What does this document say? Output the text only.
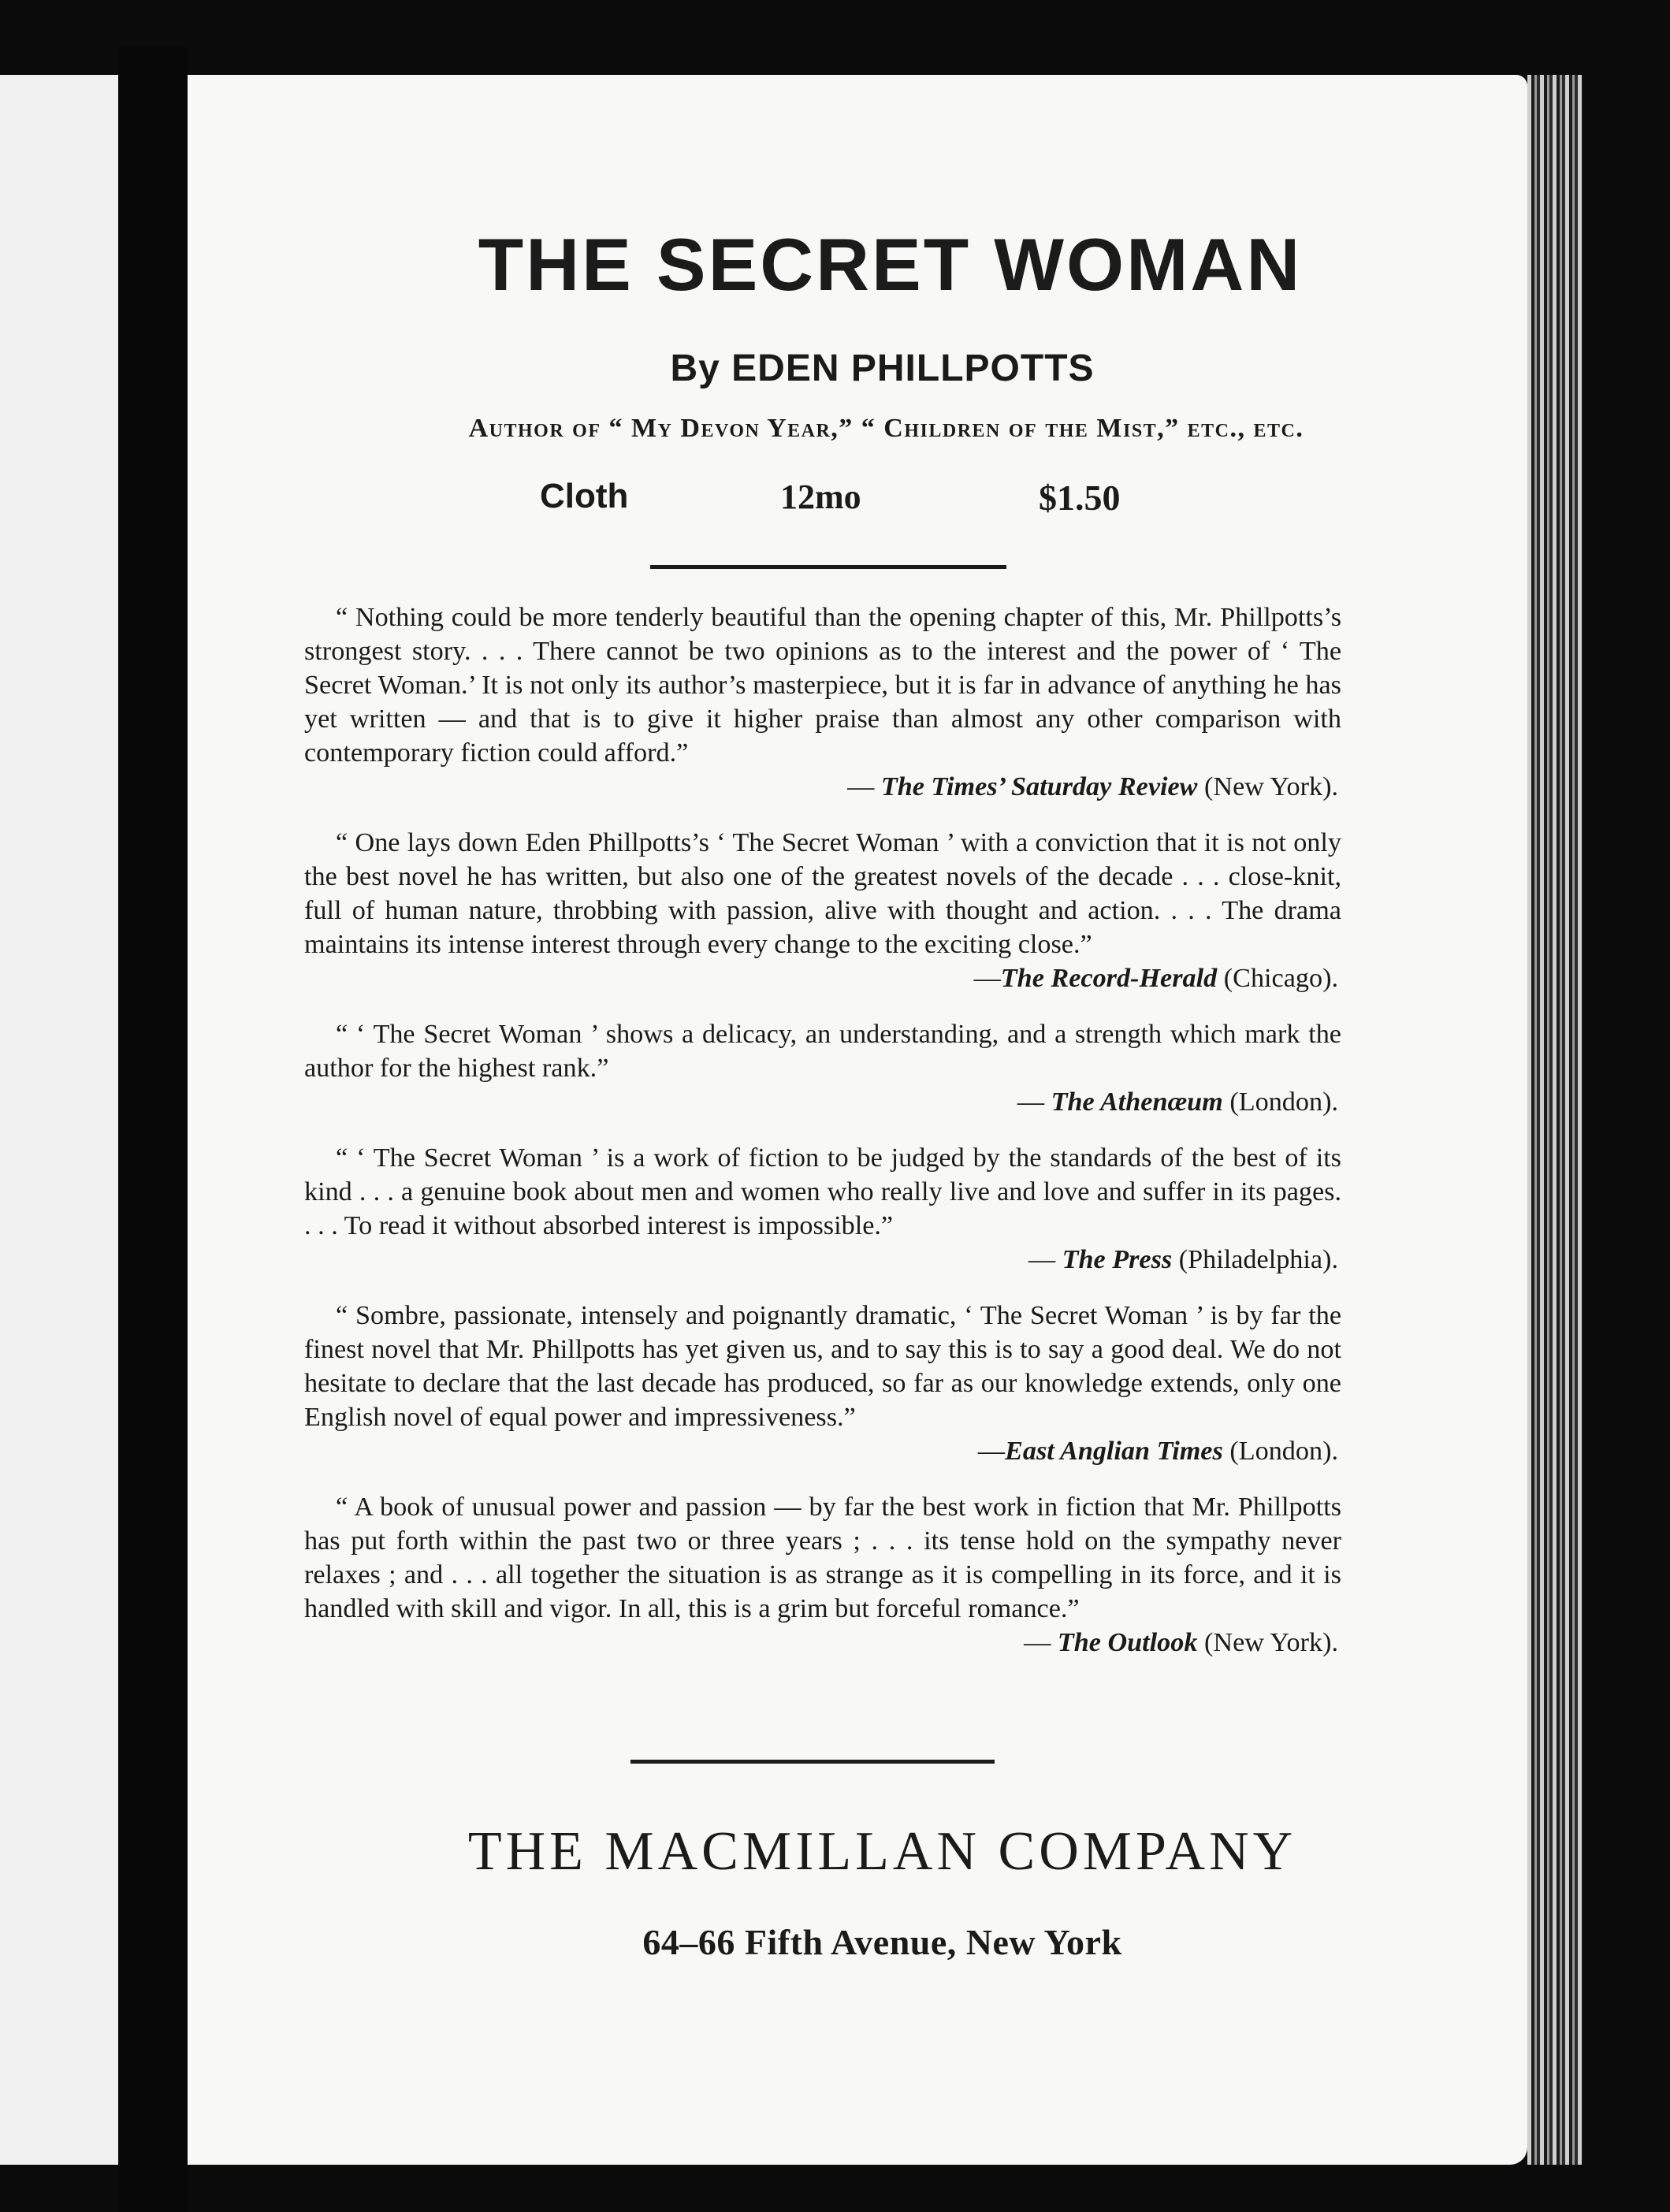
THE SECRET WOMAN
By EDEN PHILLPOTTS
Author of “ My Devon Year,” “ Children of the Mist,” etc., etc.
Cloth	12mo	$1.50

“ Nothing could be more tenderly beautiful than the opening chapter of this, Mr. Phillpotts’s strongest story. . . . There cannot be two opinions as to the interest and the power of ‘ The Secret Woman.’ It is not only its author’s masterpiece, but it is far in advance of anything he has yet written — and that is to give it higher praise than almost any other comparison with contemporary fiction could afford.”

— The Times’ Saturday Review (New York).

“ One lays down Eden Phillpotts’s ‘ The Secret Woman ’ with a conviction that it is not only the best novel he has written, but also one of the greatest novels of the decade . . . close-knit, full of human nature, throbbing with passion, alive with thought and action. . . . The drama maintains its intense interest through every change to the exciting close.”

—The Record-Herald (Chicago).

“ ‘ The Secret Woman ’ shows a delicacy, an understanding, and a strength which mark the author for the highest rank.”

— The Athenæum (London).

“ ‘ The Secret Woman ’ is a work of fiction to be judged by the standards of the best of its kind . . . a genuine book about men and women who really live and love and suffer in its pages. . . . To read it without absorbed interest is impossible.”

— The Press (Philadelphia).

“ Sombre, passionate, intensely and poignantly dramatic, ‘ The Secret Woman ’ is by far the finest novel that Mr. Phillpotts has yet given us, and to say this is to say a good deal. We do not hesitate to declare that the last decade has produced, so far as our knowledge extends, only one English novel of equal power and impressiveness.”

—East Anglian Times (London).

“ A book of unusual power and passion — by far the best work in fiction that Mr. Phillpotts has put forth within the past two or three years ; . . . its tense hold on the sympathy never relaxes ; and . . . all together the situation is as strange as it is compelling in its force, and it is handled with skill and vigor. In all, this is a grim but forceful romance.”

— The Outlook (New York).

THE MACMILLAN COMPANY
64–66 Fifth Avenue, New York
